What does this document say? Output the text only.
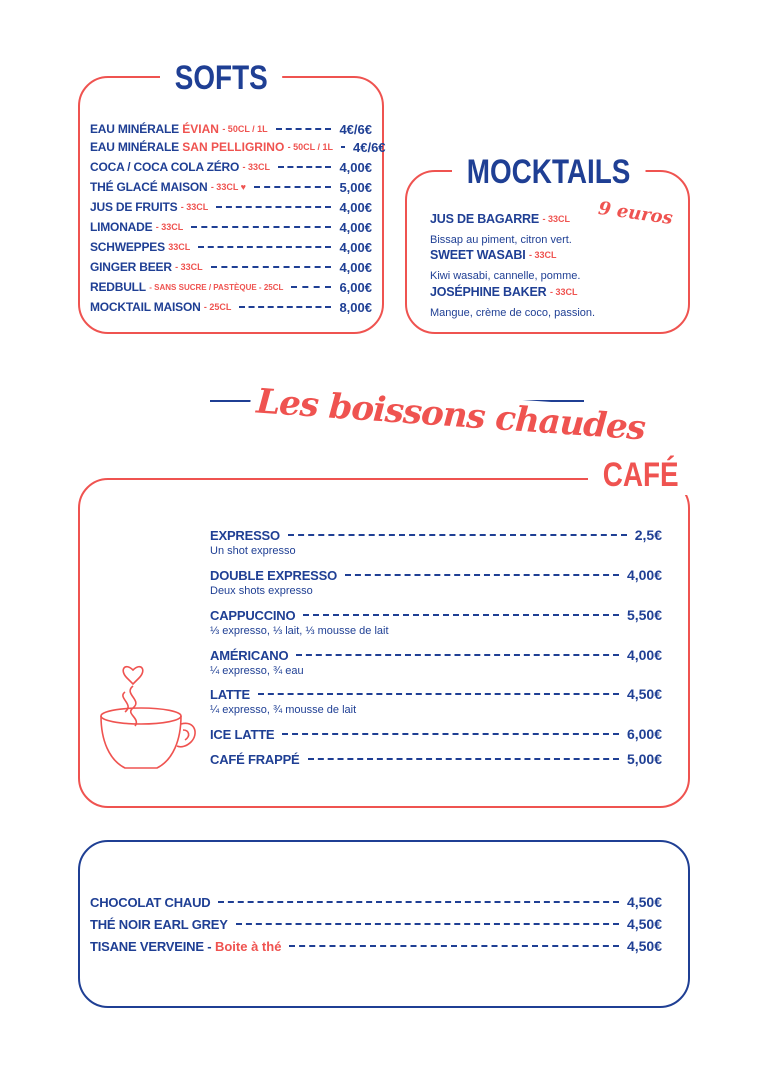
SOFTS
EAU MINÉRALE
ÉVIAN
- 50CL / 1L	4€/6€
EAU MINÉRALE
SAN PELLIGRINO
- 50CL / 1L 4€/6€
COCA / COCA COLA ZÉRO
- 33CL	4,00€
THÉ GLACÉ MAISON
- 33CL ♥	5,00€
JUS DE FRUITS
- 33CL	4,00€
LIMONADE
- 33CL	4,00€
SCHWEPPES
33CL	4,00€
GINGER BEER
- 33CL	4,00€
REDBULL
- SANS SUCRE / PASTÈQUE - 25CL	6,00€
MOCKTAIL MAISON
- 25CL	8,00€
MOCKTAILS
9 euros
JUS DE BAGARRE
- 33CL
Bissap au piment, citron vert.
SWEET WASABI
- 33CL
Kiwi wasabi, cannelle, pomme.
JOSÉPHINE BAKER
- 33CL
Mangue, crème de coco, passion.
Les boissons chaudes
CAFÉ
EXPRESSO	2,5€
Un shot expresso
DOUBLE EXPRESSO	4,00€
Deux shots expresso
CAPPUCCINO	5,50€
⅓ expresso, ⅓ lait, ⅓ mousse de lait
AMÉRICANO	4,00€
¼ expresso, ¾ eau
LATTE	4,50€
¼ expresso, ¾ mousse de lait
ICE LATTE	6,00€
CAFÉ FRAPPÉ	5,00€
CHOCOLAT CHAUD	4,50€
THÉ NOIR EARL GREY	4,50€
TISANE VERVEINE -
Boite à thé	4,50€
